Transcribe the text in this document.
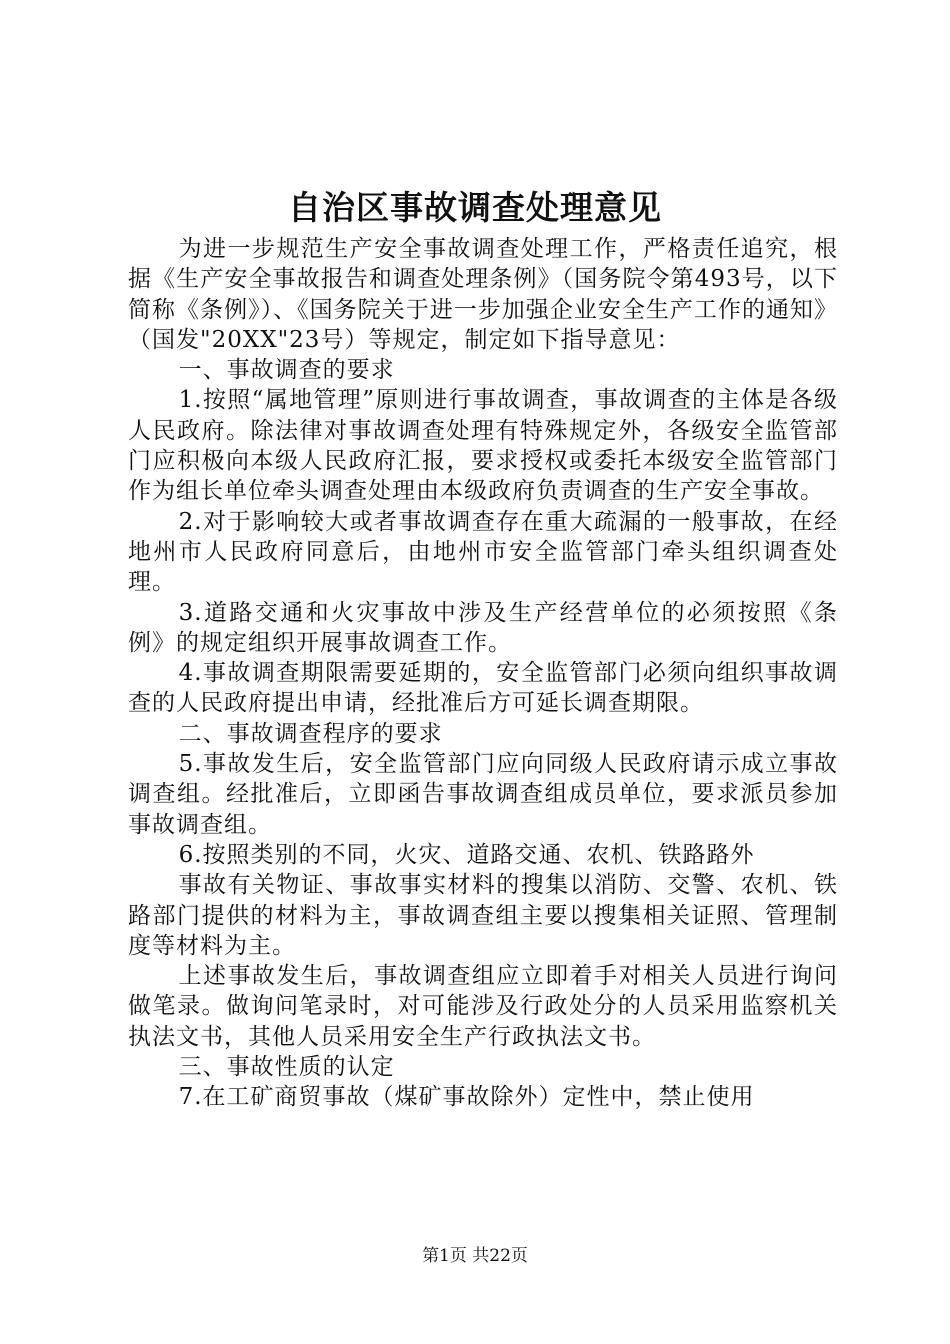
自治区事故调查处理意见

为进一步规范生产安全事故调查处理工作，严格责任追究，根据《生产安全事故报告和调查处理条例》（国务院令第493号，以下简称《条例》）、《国务院关于进一步加强企业安全生产工作的通知》（国发"20XX"23号）等规定，制定如下指导意见：

一、事故调查的要求

1.按照“属地管理”原则进行事故调查，事故调查的主体是各级人民政府。除法律对事故调查处理有特殊规定外，各级安全监管部门应积极向本级人民政府汇报，要求授权或委托本级安全监管部门作为组长单位牵头调查处理由本级政府负责调查的生产安全事故。

2.对于影响较大或者事故调查存在重大疏漏的一般事故，在经地州市人民政府同意后，由地州市安全监管部门牵头组织调查处理。

3.道路交通和火灾事故中涉及生产经营单位的必须按照《条例》的规定组织开展事故调查工作。

4.事故调查期限需要延期的，安全监管部门必须向组织事故调查的人民政府提出申请，经批准后方可延长调查期限。

二、事故调查程序的要求

5.事故发生后，安全监管部门应向同级人民政府请示成立事故调查组。经批准后，立即函告事故调查组成员单位，要求派员参加事故调查组。

6.按照类别的不同，火灾、道路交通、农机、铁路路外

事故有关物证、事故事实材料的搜集以消防、交警、农机、铁路部门提供的材料为主，事故调查组主要以搜集相关证照、管理制度等材料为主。

上述事故发生后，事故调查组应立即着手对相关人员进行询问做笔录。做询问笔录时，对可能涉及行政处分的人员采用监察机关执法文书，其他人员采用安全生产行政执法文书。

三、事故性质的认定

7.在工矿商贸事故（煤矿事故除外）定性中，禁止使用

第1页 共22页
